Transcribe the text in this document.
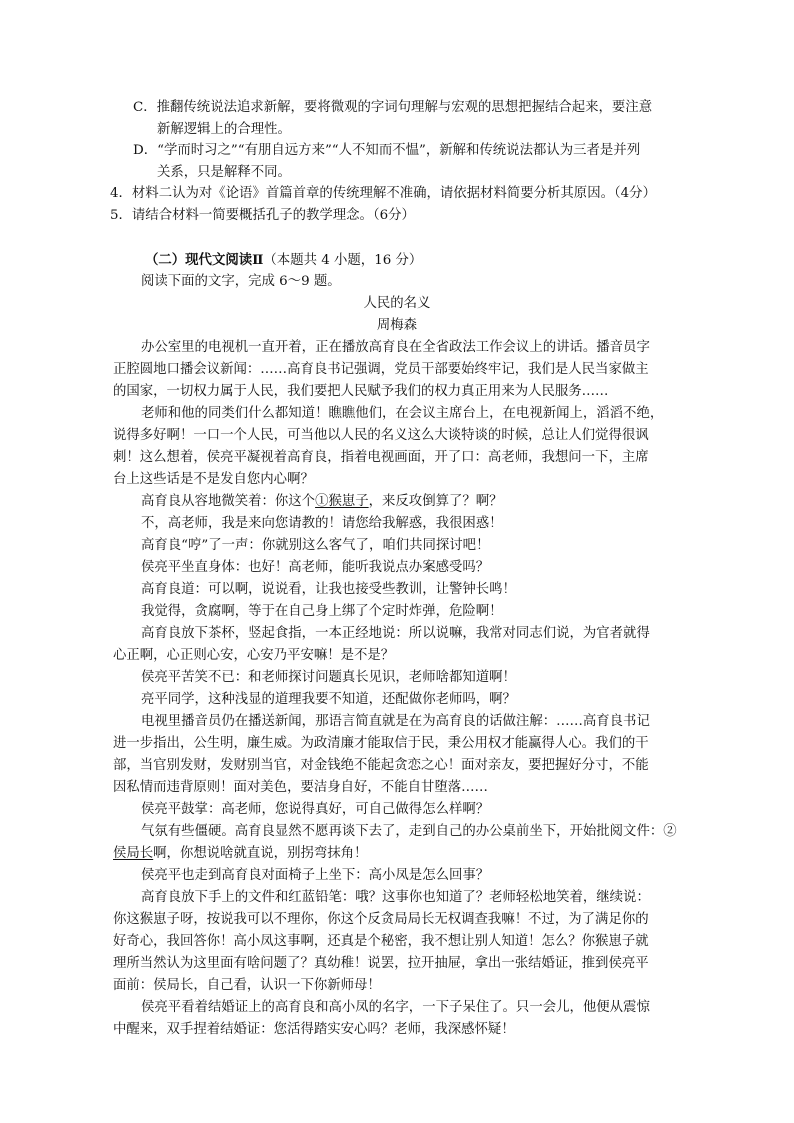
C．推翻传统说法追求新解，要将微观的字词句理解与宏观的思想把握结合起来，要注意
新解逻辑上的合理性。
D．“学而时习之”“有朋自远方来”“人不知而不愠”，新解和传统说法都认为三者是并列
关系，只是解释不同。
4．材料二认为对《论语》首篇首章的传统理解不准确，请依据材料简要分析其原因。（4分）
5．请结合材料一简要概括孔子的教学理念。（6分）
（二）现代文阅读Ⅱ（本题共 4 小题，16 分）
阅读下面的文字，完成 6～9 题。
人民的名义
周梅森
办公室里的电视机一直开着，正在播放高育良在全省政法工作会议上的讲话。播音员字
正腔圆地口播会议新闻：……高育良书记强调，党员干部要始终牢记，我们是人民当家做主
的国家，一切权力属于人民，我们要把人民赋予我们的权力真正用来为人民服务……
老师和他的同类们什么都知道！瞧瞧他们，在会议主席台上，在电视新闻上，滔滔不绝，
说得多好啊！一口一个人民，可当他以人民的名义这么大谈特谈的时候，总让人们觉得很讽
刺！这么想着，侯亮平凝视着高育良，指着电视画面，开了口：高老师，我想问一下，主席
台上这些话是不是发自您内心啊？
高育良从容地微笑着：你这个①猴崽子，来反攻倒算了？啊？
不，高老师，我是来向您请教的！请您给我解惑，我很困惑！
高育良“哼”了一声：你就别这么客气了，咱们共同探讨吧！
侯亮平坐直身体：也好！高老师，能听我说点办案感受吗？
高育良道：可以啊，说说看，让我也接受些教训，让警钟长鸣！
我觉得，贪腐啊，等于在自己身上绑了个定时炸弹，危险啊！
高育良放下茶杯，竖起食指，一本正经地说：所以说嘛，我常对同志们说，为官者就得
心正啊，心正则心安，心安乃平安嘛！是不是？
侯亮平苦笑不已：和老师探讨问题真长见识，老师啥都知道啊！
亮平同学，这种浅显的道理我要不知道，还配做你老师吗，啊？
电视里播音员仍在播送新闻，那语言简直就是在为高育良的话做注解：……高育良书记
进一步指出，公生明，廉生威。为政清廉才能取信于民，秉公用权才能赢得人心。我们的干
部，当官别发财，发财别当官，对金钱绝不能起贪恋之心！面对亲友，要把握好分寸，不能
因私情而违背原则！面对美色，要洁身自好，不能自甘堕落……
侯亮平鼓掌：高老师，您说得真好，可自己做得怎么样啊？
气氛有些僵硬。高育良显然不愿再谈下去了，走到自己的办公桌前坐下，开始批阅文件：②
侯局长啊，你想说啥就直说，别拐弯抹角！
侯亮平也走到高育良对面椅子上坐下：高小凤是怎么回事？
高育良放下手上的文件和红蓝铅笔：哦？这事你也知道了？老师轻松地笑着，继续说：
你这猴崽子呀，按说我可以不理你，你这个反贪局局长无权调查我嘛！不过，为了满足你的
好奇心，我回答你！高小凤这事啊，还真是个秘密，我不想让别人知道！怎么？你猴崽子就
理所当然认为这里面有啥问题了？真幼稚！说罢，拉开抽屉，拿出一张结婚证，推到侯亮平
面前：侯局长，自己看，认识一下你新师母！
侯亮平看着结婚证上的高育良和高小凤的名字，一下子呆住了。只一会儿，他便从震惊
中醒来，双手捏着结婚证：您活得踏实安心吗？老师，我深感怀疑！
